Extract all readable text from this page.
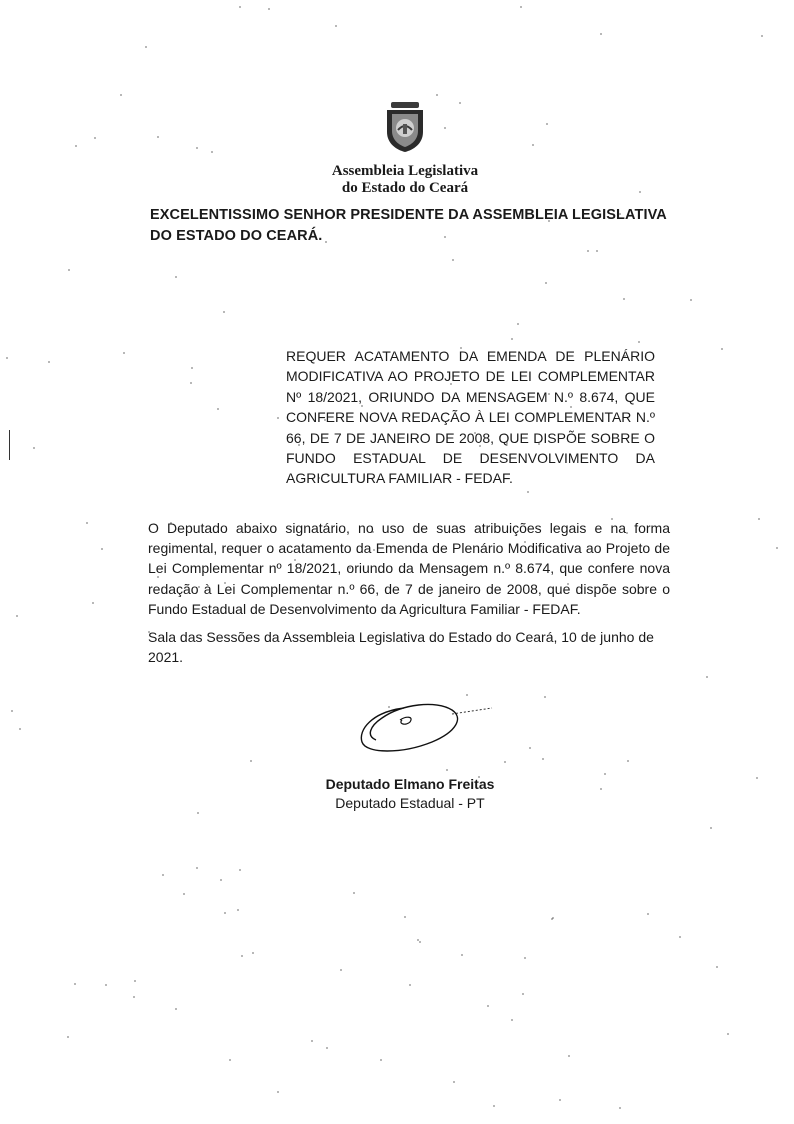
Assembleia Legislativa
do Estado do Ceará
EXCELENTISSIMO SENHOR PRESIDENTE DA ASSEMBLEIA LEGISLATIVA
DO ESTADO DO CEARÁ.
REQUER ACATAMENTO DA EMENDA DE PLENÁRIO MODIFICATIVA AO PROJETO DE LEI COMPLEMENTAR Nº 18/2021, ORIUNDO DA MENSAGEM N.º 8.674, QUE CONFERE NOVA REDAÇÃO À LEI COMPLEMENTAR N.º 66, DE 7 DE JANEIRO DE 2008, QUE DISPÕE SOBRE O FUNDO ESTADUAL DE DESENVOLVIMENTO DA AGRICULTURA FAMILIAR - FEDAF.
O Deputado abaixo signatário, no uso de suas atribuições legais e na forma regimental, requer o acatamento da Emenda de Plenário Modificativa ao Projeto de Lei Complementar nº 18/2021, oriundo da Mensagem n.º 8.674, que confere nova redação à Lei Complementar n.º 66, de 7 de janeiro de 2008, que dispõe sobre o Fundo Estadual de Desenvolvimento da Agricultura Familiar - FEDAF.
Sala das Sessões da Assembleia Legislativa do Estado do Ceará, 10 de junho de 2021.
Deputado Elmano Freitas
Deputado Estadual - PT
